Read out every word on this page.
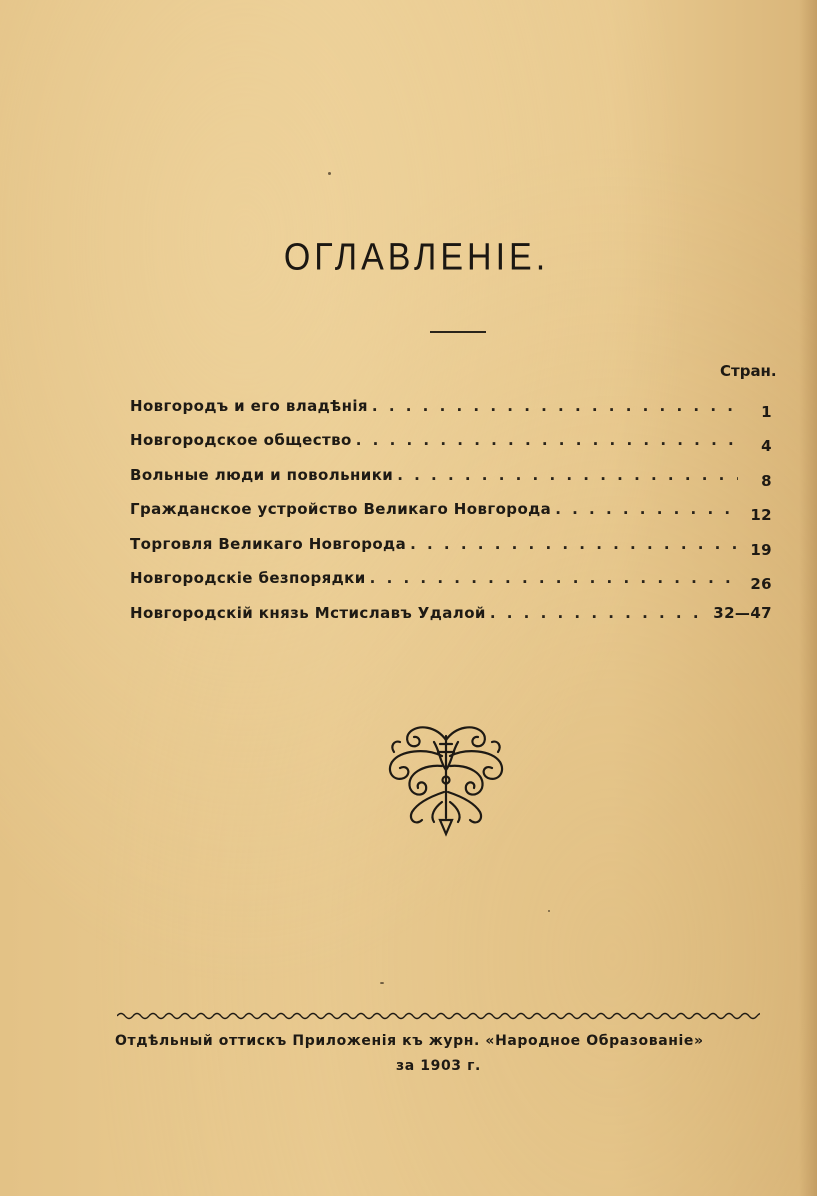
ОГЛАВЛЕНІЕ.
Стран.
Новгородъ и его владѣнія . . .	1
Новгородское общество . . .	4
Вольные люди и повольники . . .	8
Гражданское устройство Великаго Новгорода . . .	12
Торговля Великаго Новгорода . . .	19
Новгородскіе безпорядки . . .	26
Новгородскій князь Мстиславъ Удалой . . .	32—47
Отдѣльный оттискъ Приложенія къ журн. «Народное Образованіе»
за 1903 г.
